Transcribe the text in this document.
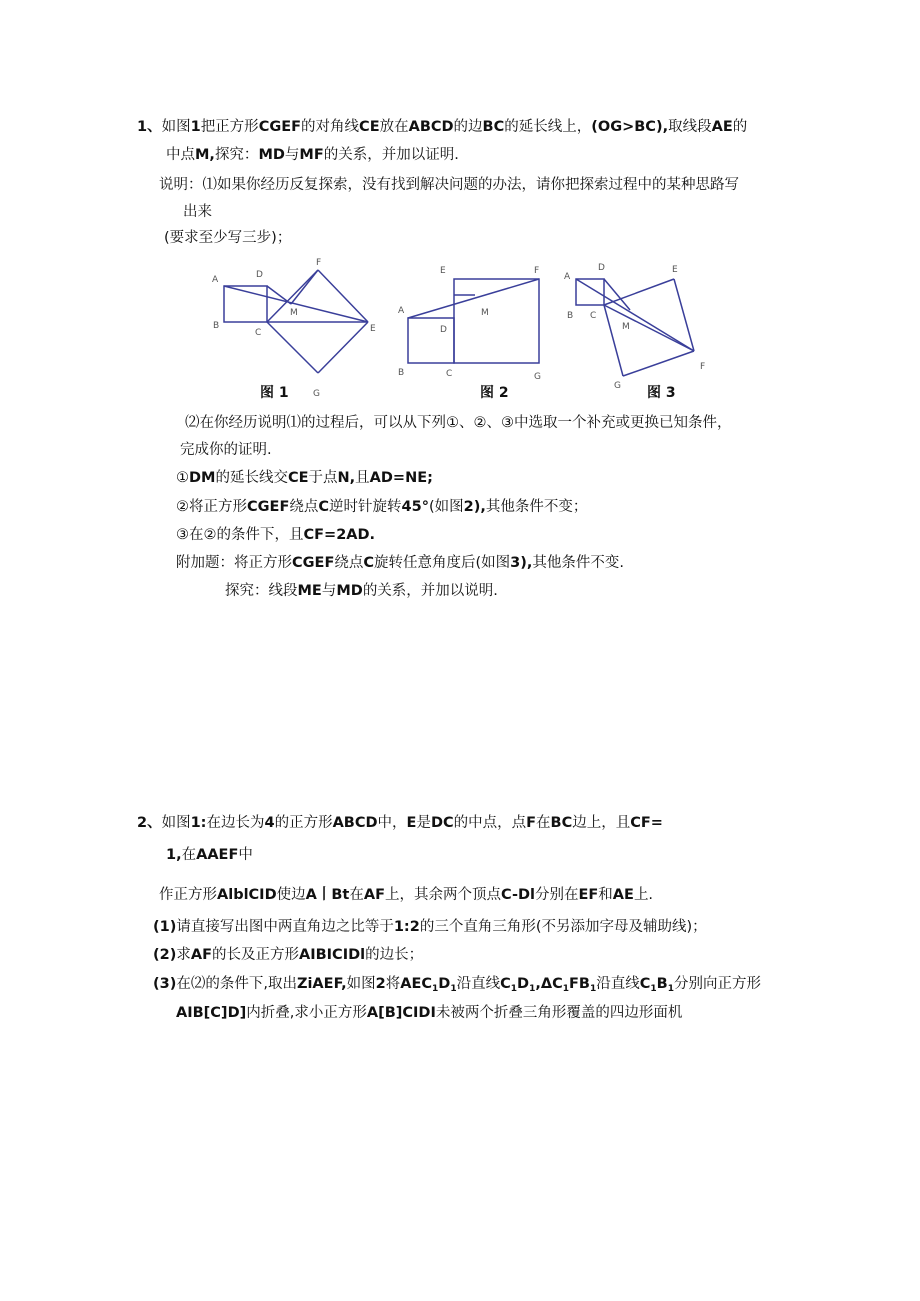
1、如图1把正方形CGEF的对角线CE放在ABCD的边BC的延长线上，(OG>BC),取线段AE的
中点M,探究：MD与MF的关系，并加以证明.
说明：⑴如果你经历反复探索，没有找到解决问题的办法，请你把探索过程中的某种思路写
出来
(要求至少写三步)；
A	D
F
B
C
M
E
G
E	F
A	M
D
B	C	G
A
D	E
B C
M
G
F
图 1	图 2	图 3
⑵在你经历说明⑴的过程后，可以从下列①、②、③中选取一个补充或更换已知条件，
完成你的证明.
①DM的延长线交CE于点N,且AD=NE;
②将正方形CGEF绕点C逆时针旋转45°(如图2),其他条件不变；
③在②的条件下，且CF=2AD.
附加题：将正方形CGEF绕点C旋转任意角度后(如图3),其他条件不变.
探究：线段ME与MD的关系，并加以说明.
2、如图1:在边长为4的正方形ABCD中，E是DC的中点，点F在BC边上，且CF=
1,在AAEF中
作正方形AlblCID使边A丨Bt在AF上，其余两个顶点C-Dl分别在EF和AE上.
(1)请直接写出图中两直角边之比等于1:2的三个直角三角形(不另添加字母及辅助线)；
(2)求AF的长及正方形AIBICIDl的边长；
(3)在⑵的条件下,取出ZiAEF,如图2将$AEC_1D_1$沿直线$C_1D_1,\Delta C_1FB_1$沿直线$C_1B_1$分别向正方形
AIB[C]D]内折叠,求小正方形A[B]CIDI未被两个折叠三角形覆盖的四边形面机
